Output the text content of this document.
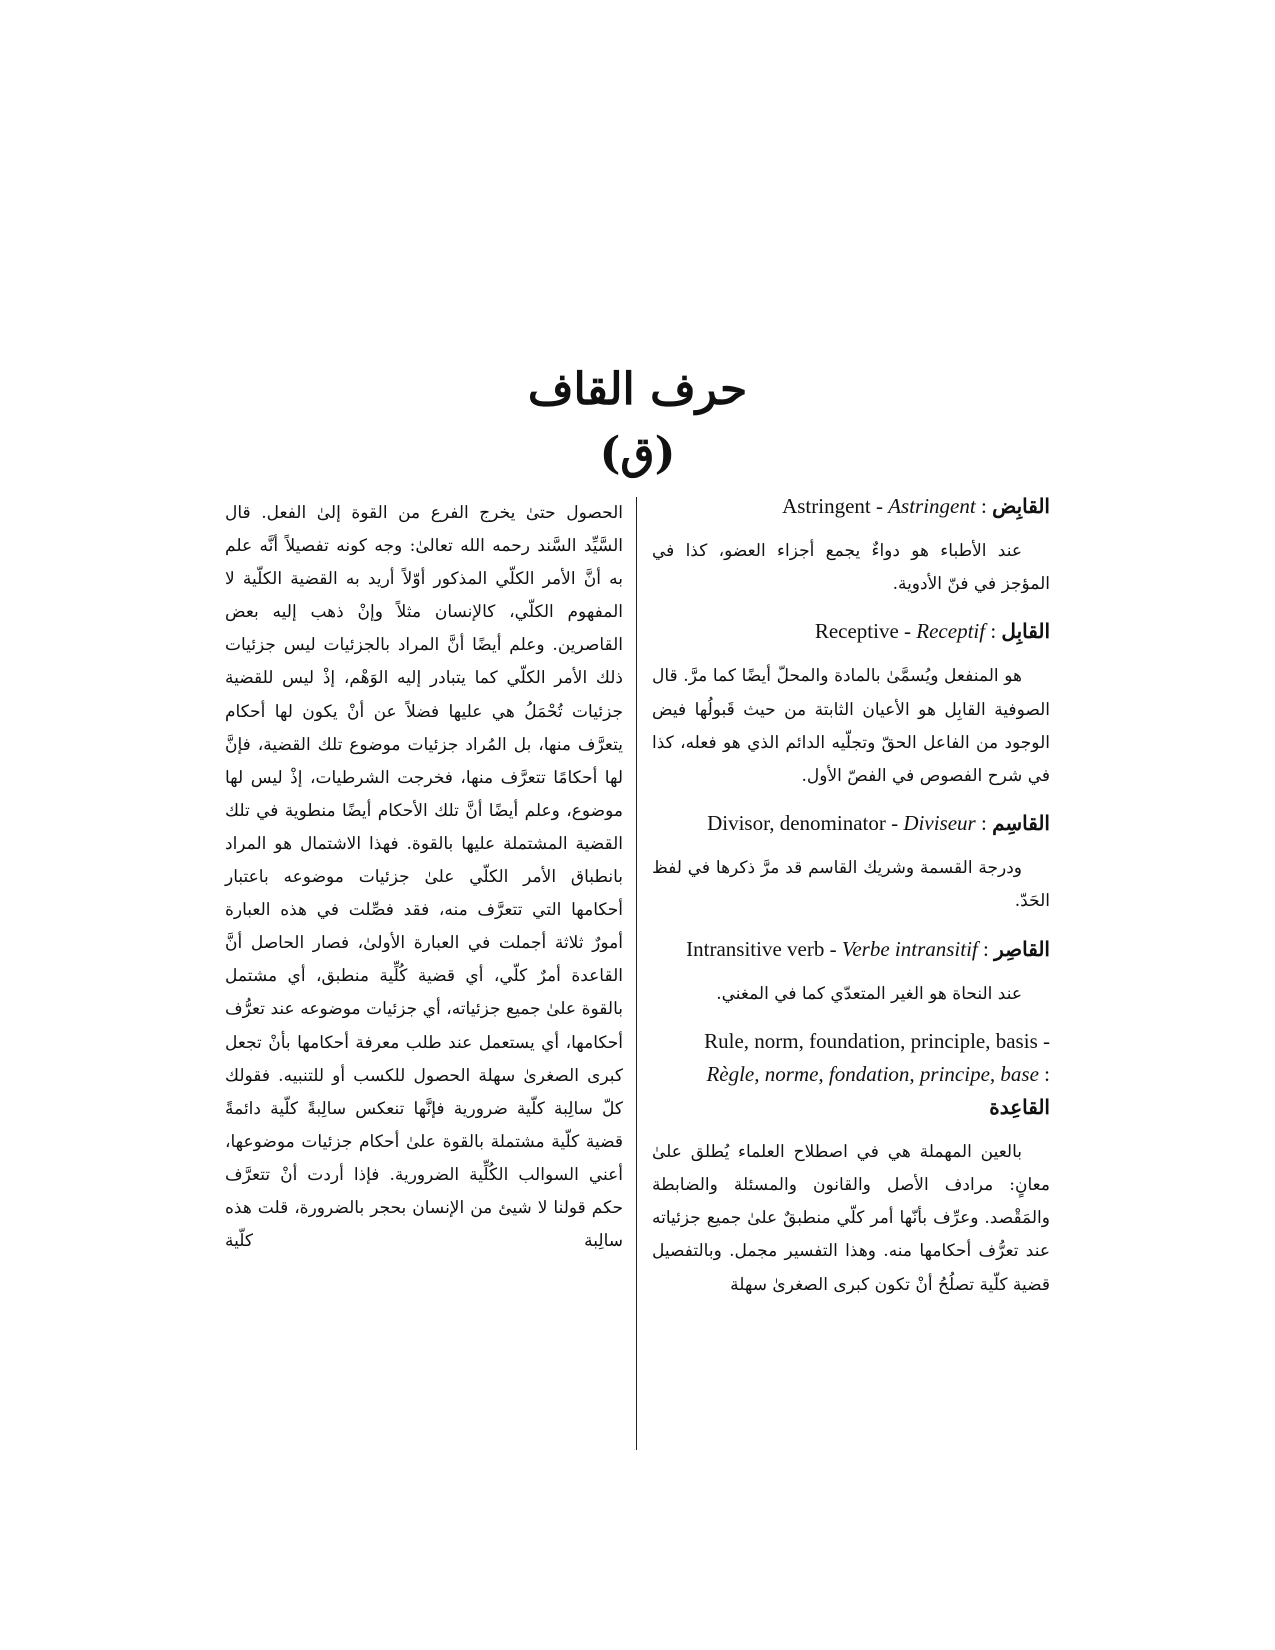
حرف القاف
(ق)
Astringent - Astringent : القابِض

عند الأطباء هو دواءٌ يجمع أجزاء العضو، كذا في المؤجز في فنّ الأدوية.

Receptive - Receptif : القابِل

هو المنفعل ويُسمَّىٰ بالمادة والمحلّ أيضًا كما مرَّ. قال الصوفية القابِل هو الأعيان الثابتة من حيث قَبولُها فيض الوجود من الفاعل الحقّ وتجلّيه الدائم الذي هو فعله، كذا في شرح الفصوص في الفصّ الأول.

Divisor, denominator - Diviseur : القاسِم

ودرجة القسمة وشريك القاسم قد مرَّ ذكرها في لفظ الحَدّ.

Intransitive verb - Verbe intransitif : القاصِر

عند النحاة هو الغير المتعدّي كما في المغني.

Rule, norm, foundation, principle, basis - Règle, norme, fondation, principe, base : القاعِدة

بالعين المهملة هي في اصطلاح العلماء يُطلق علىٰ معانٍ: مرادف الأصل والقانون والمسئلة والضابطة والمَقْصد. وعرِّف بأنّها أمر كلّي منطبقٌ علىٰ جميع جزئياته عند تعرُّف أحكامها منه. وهذا التفسير مجمل. وبالتفصيل قضية كلّية تصلُحُ أنْ تكون كبرى الصغرىٰ سهلة

الحصول حتىٰ يخرج الفرع من القوة إلىٰ الفعل. قال السَّيِّد السَّند رحمه الله تعالىٰ: وجه كونه تفصيلاً أنَّه علم به أنَّ الأمر الكلّي المذكور أوّلاً أريد به القضية الكلّية لا المفهوم الكلّي، كالإنسان مثلاً وإنْ ذهب إليه بعض القاصرين. وعلم أيضًا أنَّ المراد بالجزئيات ليس جزئيات ذلك الأمر الكلّي كما يتبادر إليه الوَهْم، إذْ ليس للقضية جزئيات تُحْمَلُ هي عليها فضلاً عن أنْ يكون لها أحكام يتعرَّف منها، بل المُراد جزئيات موضوع تلك القضية، فإنَّ لها أحكامًا تتعرَّف منها، فخرجت الشرطيات، إذْ ليس لها موضوع، وعلم أيضًا أنَّ تلك الأحكام أيضًا منطوية في تلك القضية المشتملة عليها بالقوة. فهذا الاشتمال هو المراد بانطباق الأمر الكلّي علىٰ جزئيات موضوعه باعتبار أحكامها التي تتعرَّف منه، فقد فصِّلت في هذه العبارة أمورٌ ثلاثة أجملت في العبارة الأولىٰ، فصار الحاصل أنَّ القاعدة أمرٌ كلّي، أي قضية كُلِّية منطبق، أي مشتمل بالقوة علىٰ جميع جزئياته، أي جزئيات موضوعه عند تعرُّف أحكامها، أي يستعمل عند طلب معرفة أحكامها بأنْ تجعل كبرى الصغرىٰ سهلة الحصول للكسب أو للتنبيه. فقولك كلّ سالِبة كلّية ضرورية فإنَّها تنعكس سالِبةً كلّية دائمةً قضية كلّية مشتملة بالقوة علىٰ أحكام جزئيات موضوعها، أعني السوالب الكُلِّية الضرورية. فإذا أردت أنْ تتعرَّف حكم قولنا لا شيئ من الإنسان بحجر بالضرورة، قلت هذه سالِبة كلّية
